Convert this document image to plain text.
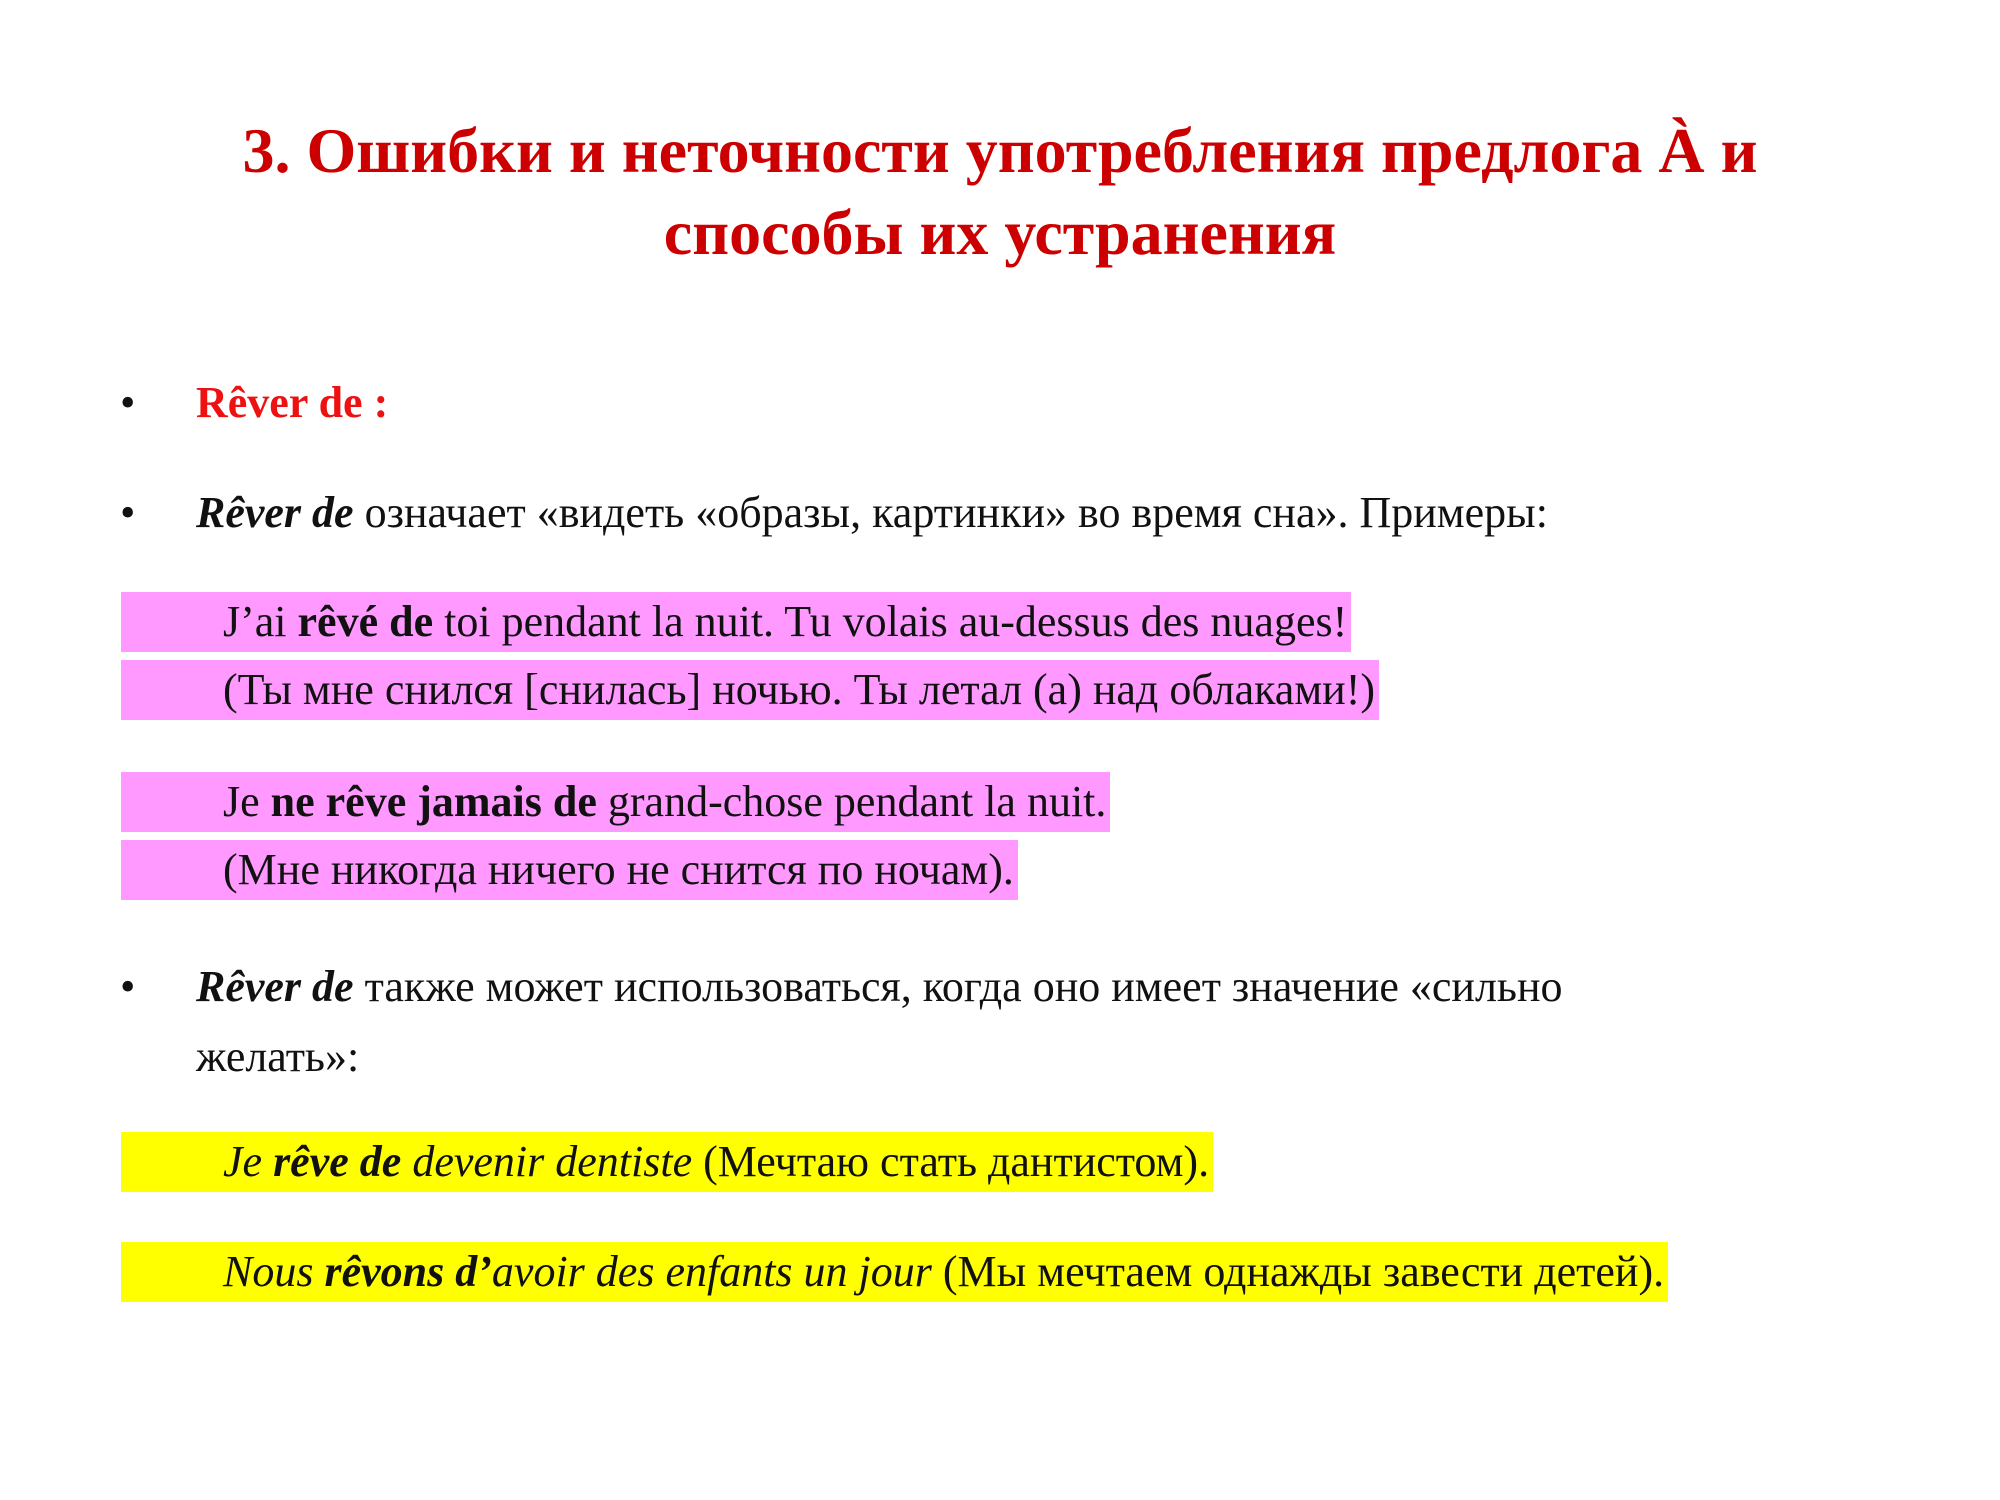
3. Ошибки и неточности употребления предлога À и
способы их устранения
• Rêver de :
• Rêver de означает «видеть «образы, картинки» во время сна». Примеры:
J’ai rêvé de toi pendant la nuit. Tu volais au-dessus des nuages!
(Ты мне снился [снилась] ночью. Ты летал (а) над облаками!)
Je ne rêve jamais de grand-chose pendant la nuit.
(Мне никогда ничего не снится по ночам).
• Rêver de также может использоваться, когда оно имеет значение «сильно
желать»:
Je rêve de devenir dentiste (Мечтаю стать дантистом).
Nous rêvons d’avoir des enfants un jour (Мы мечтаем однажды завести детей).
